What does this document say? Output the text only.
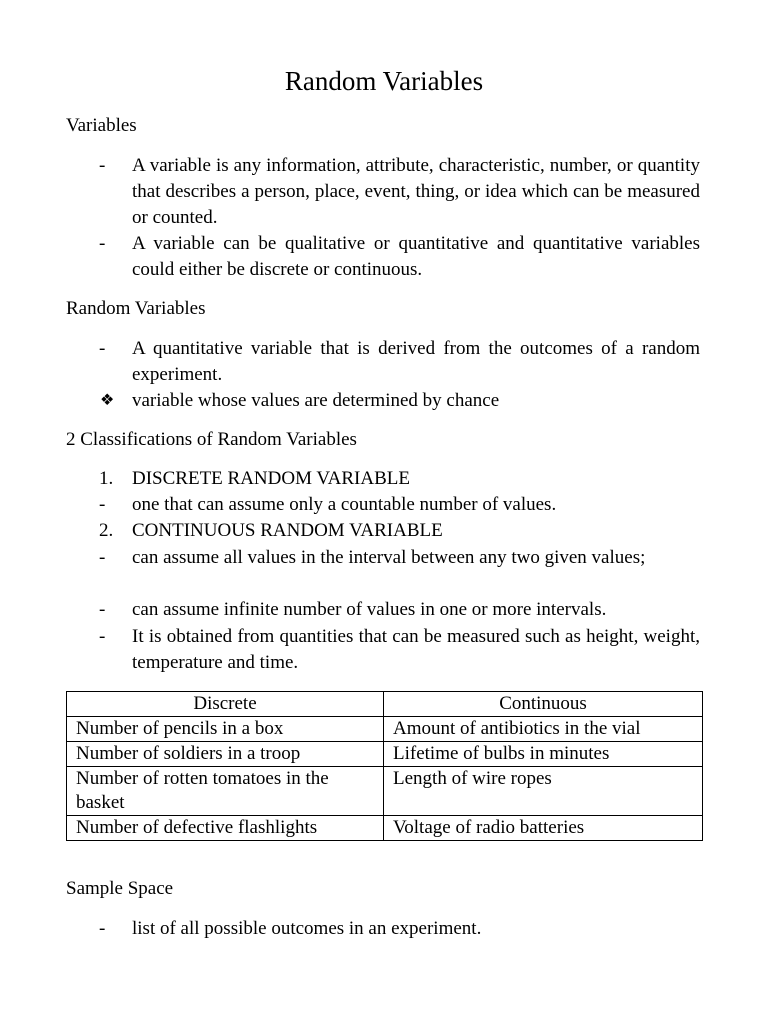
Random Variables
Variables
-	A variable is any information, attribute, characteristic, number, or quantity that describes a person, place, event, thing, or idea which can be measured or counted.
-	A variable can be qualitative or quantitative and quantitative variables could either be discrete or continuous.
Random Variables
-	A quantitative variable that is derived from the outcomes of a random experiment.
❖ variable whose values are determined by chance
2 Classifications of Random Variables
1. DISCRETE RANDOM VARIABLE
-	one that can assume only a countable number of values.
2. CONTINUOUS RANDOM VARIABLE
-	can assume all values in the interval between any two given values;
-	can assume infinite number of values in one or more intervals.
-	It is obtained from quantities that can be measured such as height, weight, temperature and time.
Discrete	Continuous
Number of pencils in a box	Amount of antibiotics in the vial
Number of soldiers in a troop	Lifetime of bulbs in minutes
Number of rotten tomatoes in the basket	Length of wire ropes
Number of defective flashlights	Voltage of radio batteries
Sample Space
-	list of all possible outcomes in an experiment.
